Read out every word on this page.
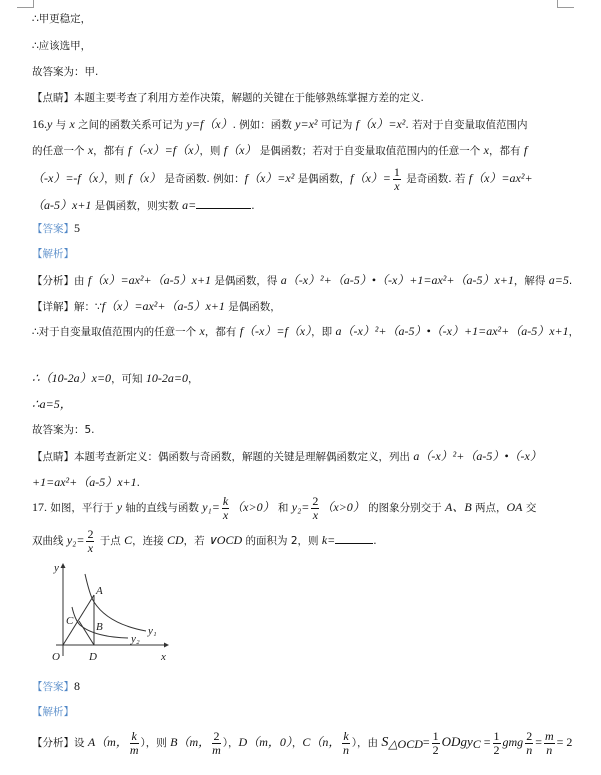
∴甲更稳定，
∴应该选甲，
故答案为：甲.
【点睛】本题主要考查了利用方差作决策，解题的关键在于能够熟练掌握方差的定义.
16.y 与 x 之间的函数关系可记为 y=f（x）. 例如：函数 y=x² 可记为 f（x）=x². 若对于自变量取值范围内
的任意一个 x，都有 f（-x）=f（x），则 f（x） 是偶函数；若对于自变量取值范围内的任意一个 x，都有 f
（-x）=-f（x），则 f（x） 是奇函数. 例如：f（x）=x² 是偶函数，$f(x)= \frac{1}{x}$ 是奇函数. 若 f（x）=ax²+
（a-5）x+1 是偶函数，则实数 a=	.
【答案】5
【解析】
【分析】由 f（x）=ax²+（a-5）x+1 是偶函数，得 a（-x）²+（a-5）•（-x）+1=ax²+（a-5）x+1，解得 a=5.
【详解】解：∵f（x）=ax²+（a-5）x+1 是偶函数，
∴对于自变量取值范围内的任意一个 x，都有 f（-x）=f（x），即 a（-x）²+（a-5）•（-x）+1=ax²+（a-5）x+1，
∴（10-2a）x=0，可知 10-2a=0，
∴a=5，
故答案为：5.
【点睛】本题考查新定义：偶函数与奇函数，解题的关键是理解偶函数定义，列出 a（-x）²+（a-5）•（-x）
+1=ax²+（a-5）x+1.
17. 如图，平行于 y 轴的直线与函数 $y_1= \frac{k}{x} (x>0)$ 和 $y_2= \frac{2}{x} (x>0)$ 的图象分别交于 A、B 两点，OA 交
双曲线 $y_2= \frac{2}{x}$ 于点 C，连接 CD，若 ∨OCD 的面积为 2，则 k=	.
y
O
A
B
C
D	x
y₁
y₂
【答案】8
【解析】
【分析】设 A（m， $\frac{k}{m}$ ），则 B（m， $\frac{2}{m}$ ），D（m，0），C（n， $\frac{k}{n}$ ），由 $S_{\triangle OCD}= \frac{1}{2}$ ODgy$_C$ = $\frac{1}{2}$ gmg $\frac{2}{n} = \frac{m}{n} = 2$
